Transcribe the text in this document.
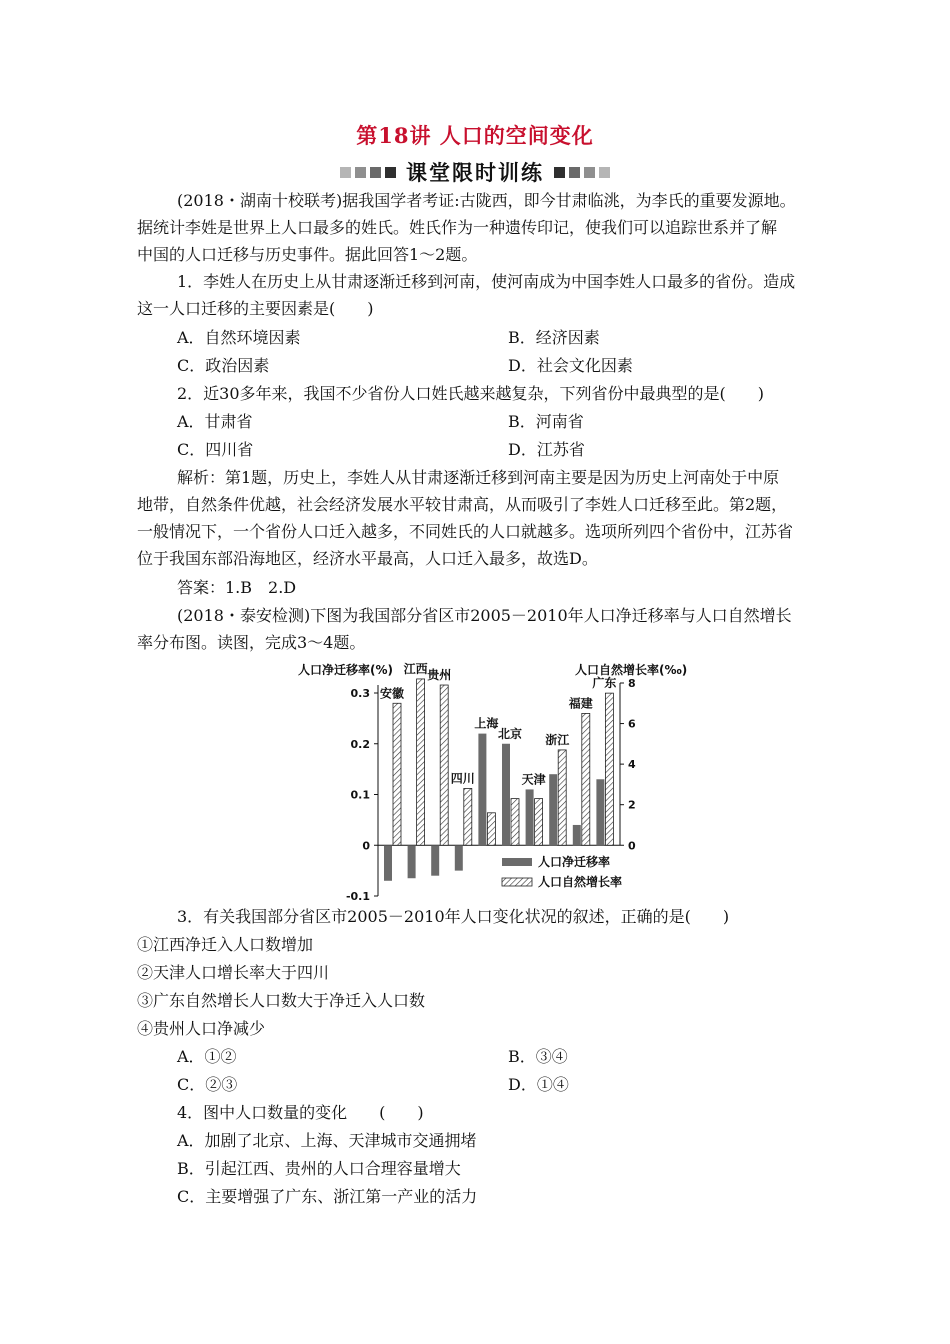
第18讲 人口的空间变化
课堂限时训练
(2018・湖南十校联考)据我国学者考证:古陇西，即今甘肃临洮，为李氏的重要发源地。
据统计李姓是世界上人口最多的姓氏。姓氏作为一种遗传印记，使我们可以追踪世系并了解
中国的人口迁移与历史事件。据此回答1～2题。
1．李姓人在历史上从甘肃逐渐迁移到河南，使河南成为中国李姓人口最多的省份。造成
这一人口迁移的主要因素是(　　)
A．自然环境因素	B．经济因素
C．政治因素	D．社会文化因素
2．近30多年来，我国不少省份人口姓氏越来越复杂，下列省份中最典型的是(　　)
A．甘肃省	B．河南省
C．四川省	D．江苏省
解析：第1题，历史上，李姓人从甘肃逐渐迁移到河南主要是因为历史上河南处于中原
地带，自然条件优越，社会经济发展水平较甘肃高，从而吸引了李姓人口迁移至此。第2题，
一般情况下，一个省份人口迁入越多，不同姓氏的人口就越多。选项所列四个省份中，江苏省
位于我国东部沿海地区，经济水平最高，人口迁入最多，故选D。
答案：1.B　2.D
(2018・泰安检测)下图为我国部分省区市2005－2010年人口净迁移率与人口自然增长
率分布图。读图，完成3～4题。
人口净迁移率(%)	人口自然增长率(‰)
0.3
0.2
0.1
0
-0.1
8
6
4
2
0
安徽
江西 贵州
四川
上海
北京
天津
浙江
福建
广东
人口净迁移率
人口自然增长率
3．有关我国部分省区市2005－2010年人口变化状况的叙述，正确的是(　　)
①江西净迁入人口数增加
②天津人口增长率大于四川
③广东自然增长人口数大于净迁入人口数
④贵州人口净减少
A．①②	B．③④
C．②③	D．①④
4．图中人口数量的变化　　(　　)
A．加剧了北京、上海、天津城市交通拥堵
B．引起江西、贵州的人口合理容量增大
C．主要增强了广东、浙江第一产业的活力
